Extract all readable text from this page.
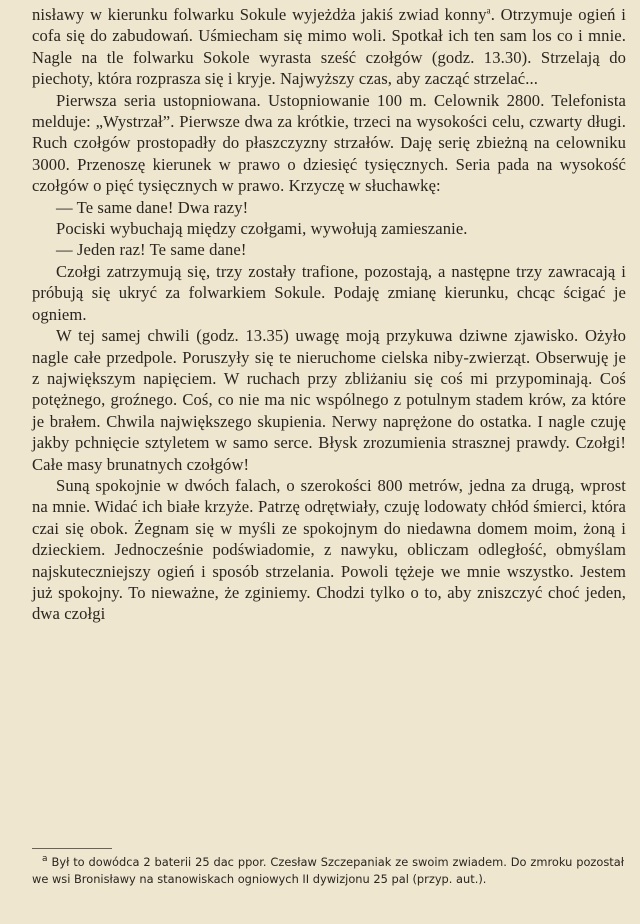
nisławy w kierunku folwarku Sokule wyjeżdża jakiś zwiad konny$^a$. Otrzymuje ogień i cofa się do zabudowań. Uśmiecham się mimo woli. Spotkał ich ten sam los co i mnie. Nagle na tle folwarku Sokole wyrasta sześć czołgów (godz. 13.30). Strzelają do piechoty, która rozprasza się i kryje. Najwyższy czas, aby zacząć strzelać...

Pierwsza seria ustopniowana. Ustopniowanie 100 m. Celownik 2800. Telefonista melduje: „Wystrzał”. Pierwsze dwa za krótkie, trzeci na wysokości celu, czwarty długi. Ruch czołgów prostopadły do płaszczyzny strzałów. Daję serię zbieżną na celowniku 3000. Przenoszę kierunek w prawo o dziesięć tysięcznych. Seria pada na wysokość czołgów o pięć tysięcznych w prawo. Krzyczę w słuchawkę:

— Te same dane! Dwa razy!

Pociski wybuchają między czołgami, wywołują zamieszanie.

— Jeden raz! Te same dane!

Czołgi zatrzymują się, trzy zostały trafione, pozostają, a następne trzy zawracają i próbują się ukryć za folwarkiem Sokule. Podaję zmianę kierunku, chcąc ścigać je ogniem.

W tej samej chwili (godz. 13.35) uwagę moją przykuwa dziwne zjawisko. Ożyło nagle całe przedpole. Poruszyły się te nieruchome cielska niby-zwierząt. Obserwuję je z największym napięciem. W ruchach przy zbliżaniu się coś mi przypominają. Coś potężnego, groźnego. Coś, co nie ma nic wspólnego z potulnym stadem krów, za które je brałem. Chwila największego skupienia. Nerwy naprężone do ostatka. I nagle czuję jakby pchnięcie sztyletem w samo serce. Błysk zrozumienia strasznej prawdy. Czołgi! Całe masy brunatnych czołgów!

Suną spokojnie w dwóch falach, o szerokości 800 metrów, jedna za drugą, wprost na mnie. Widać ich białe krzyże. Patrzę odrętwiały, czuję lodowaty chłód śmierci, która czai się obok. Żegnam się w myśli ze spokojnym do niedawna domem moim, żoną i dzieckiem. Jednocześnie podświadomie, z nawyku, obliczam odległość, obmyślam najskuteczniejszy ogień i sposób strzelania. Powoli tężeje we mnie wszystko. Jestem już spokojny. To nieważne, że zginiemy. Chodzi tylko o to, aby zniszczyć choć jeden, dwa czołgi

$^a$ Był to dowódca 2 baterii 25 dac ppor. Czesław Szczepaniak ze swoim zwiadem. Do zmroku pozostał we wsi Bronisławy na stanowiskach ogniowych II dywizjonu 25 pal (przyp. aut.).
